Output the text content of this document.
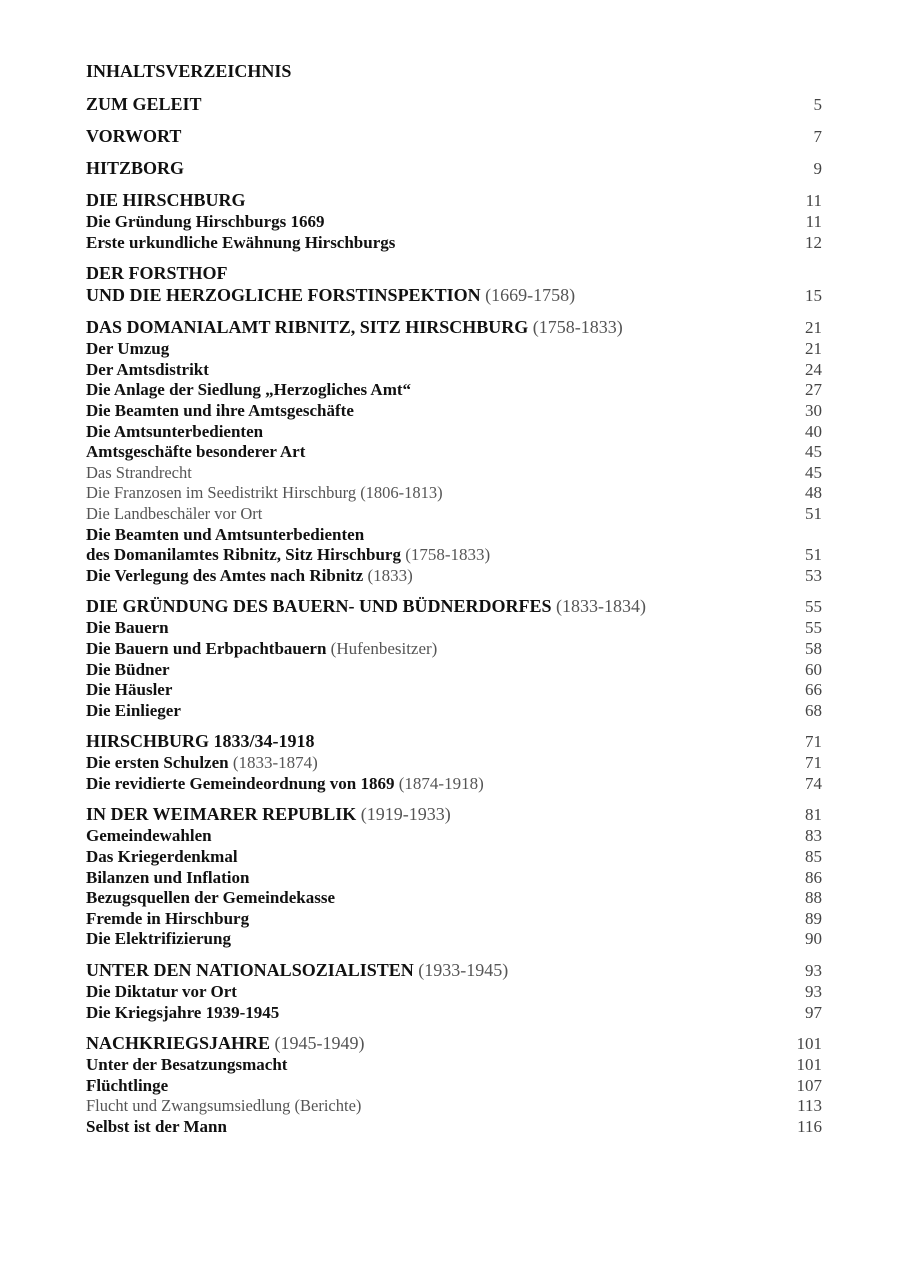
INHALTSVERZEICHNIS
ZUM GELEIT	5
VORWORT	7
HITZBORG	9
DIE HIRSCHBURG	11
Die Gründung Hirschburgs 1669	11
Erste urkundliche Ewähnung Hirschburgs	12
DER FORSTHOF
UND DIE HERZOGLICHE FORSTINSPEKTION (1669-1758)	15
DAS DOMANIALAMT RIBNITZ, SITZ HIRSCHBURG (1758-1833)	21
Der Umzug	21
Der Amtsdistrikt	24
Die Anlage der Siedlung „Herzogliches Amt“	27
Die Beamten und ihre Amtsgeschäfte	30
Die Amtsunterbedienten	40
Amtsgeschäfte besonderer Art	45
Das Strandrecht	45
Die Franzosen im Seedistrikt Hirschburg (1806-1813)	48
Die Landbeschäler vor Ort	51
Die Beamten und Amtsunterbedienten
des Domanilamtes Ribnitz, Sitz Hirschburg (1758-1833)	51
Die Verlegung des Amtes nach Ribnitz (1833)	53
DIE GRÜNDUNG DES BAUERN- UND BÜDNERDORFES (1833-1834)	55
Die Bauern	55
Die Bauern und Erbpachtbauern (Hufenbesitzer)	58
Die Büdner	60
Die Häusler	66
Die Einlieger	68
HIRSCHBURG 1833/34-1918	71
Die ersten Schulzen (1833-1874)	71
Die revidierte Gemeindeordnung von 1869 (1874-1918)	74
IN DER WEIMARER REPUBLIK (1919-1933)	81
Gemeindewahlen	83
Das Kriegerdenkmal	85
Bilanzen und Inflation	86
Bezugsquellen der Gemeindekasse	88
Fremde in Hirschburg	89
Die Elektrifizierung	90
UNTER DEN NATIONALSOZIALISTEN (1933-1945)	93
Die Diktatur vor Ort	93
Die Kriegsjahre 1939-1945	97
NACHKRIEGSJAHRE (1945-1949)	101
Unter der Besatzungsmacht	101
Flüchtlinge	107
Flucht und Zwangsumsiedlung (Berichte)	113
Selbst ist der Mann	116
